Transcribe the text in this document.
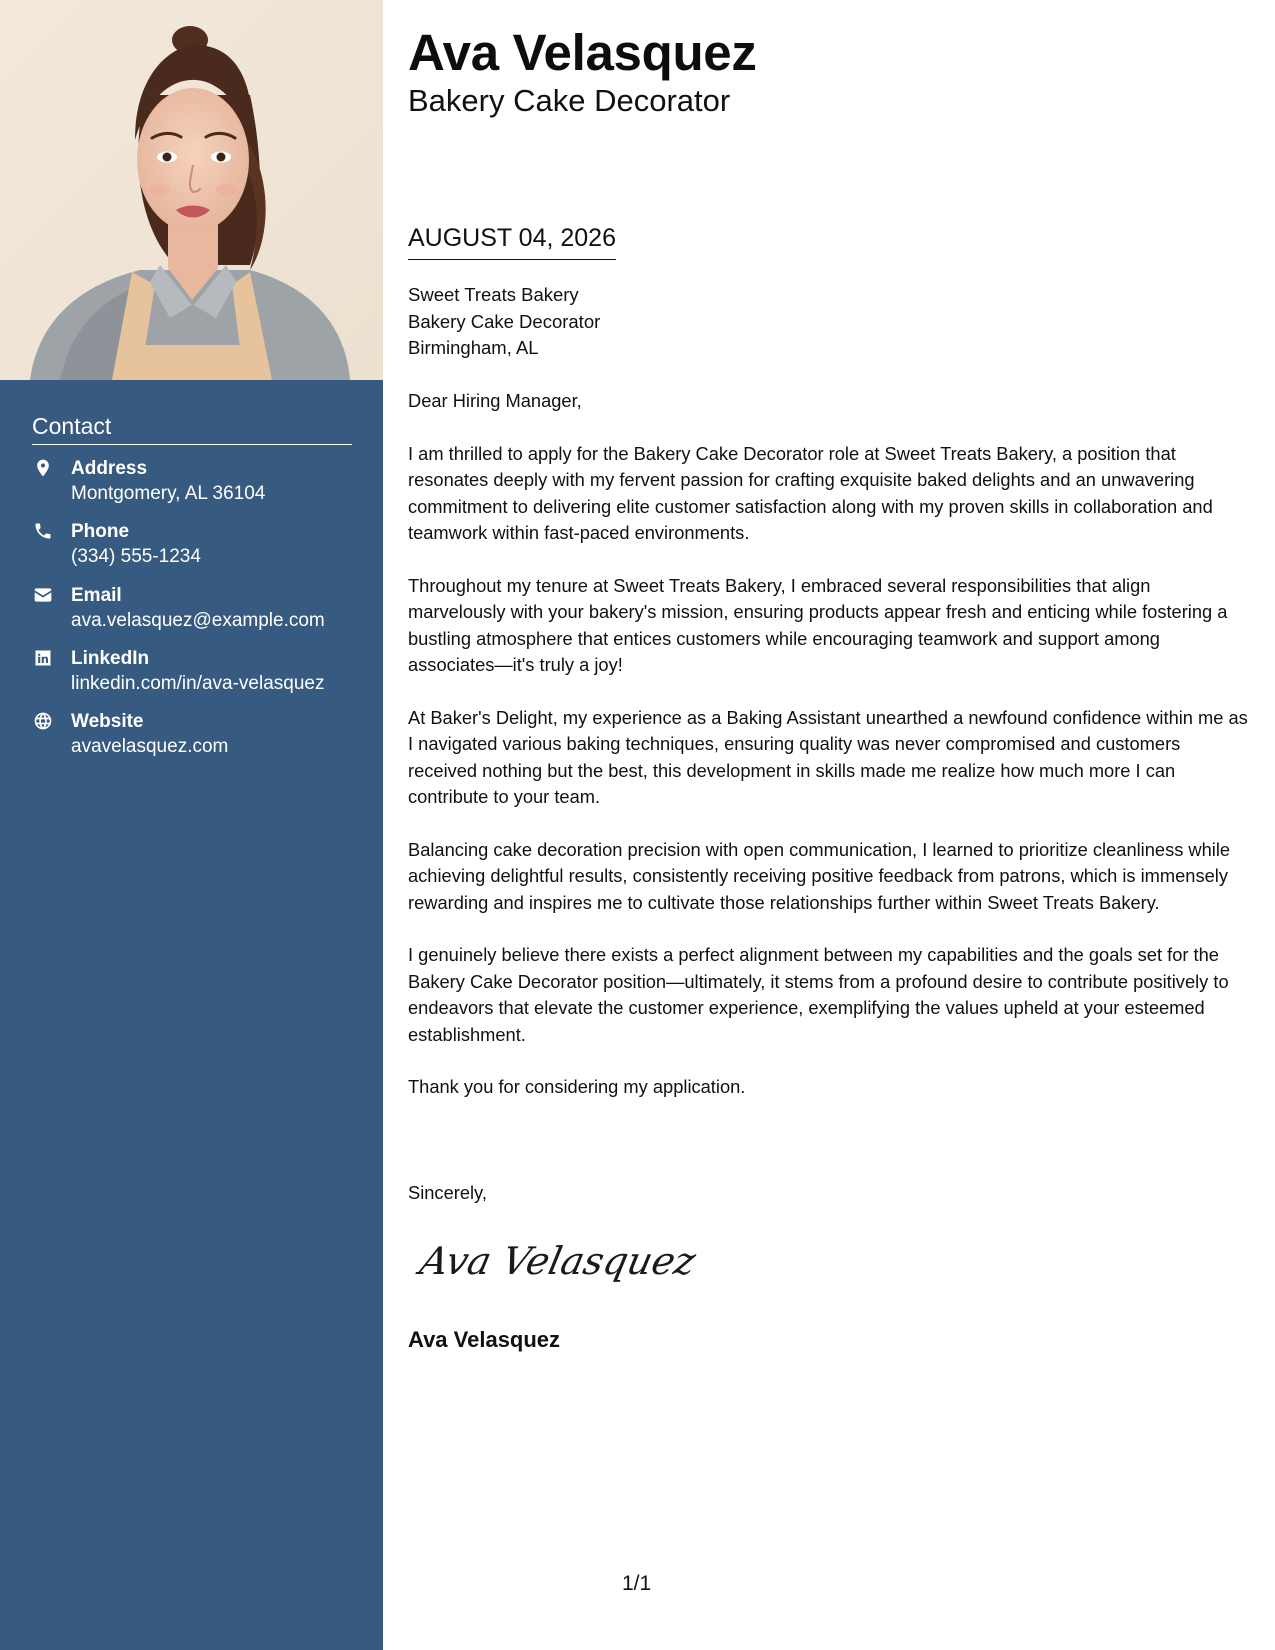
Contact
Address
Montgomery, AL 36104
Phone
(334) 555-1234
Email
ava.velasquez@example.com
LinkedIn
linkedin.com/in/ava-velasquez
Website
avavelasquez.com
Ava Velasquez
Bakery Cake Decorator
AUGUST 04, 2026
Sweet Treats Bakery
Bakery Cake Decorator
Birmingham, AL

Dear Hiring Manager,

I am thrilled to apply for the Bakery Cake Decorator role at Sweet Treats Bakery, a position that resonates deeply with my fervent passion for crafting exquisite baked delights and an unwavering commitment to delivering elite customer satisfaction along with my proven skills in collaboration and teamwork within fast-paced environments.

Throughout my tenure at Sweet Treats Bakery, I embraced several responsibilities that align marvelously with your bakery's mission, ensuring products appear fresh and enticing while fostering a bustling atmosphere that entices customers while encouraging teamwork and support among associates—it's truly a joy!

At Baker's Delight, my experience as a Baking Assistant unearthed a newfound confidence within me as I navigated various baking techniques, ensuring quality was never compromised and customers received nothing but the best, this development in skills made me realize how much more I can contribute to your team.

Balancing cake decoration precision with open communication, I learned to prioritize cleanliness while achieving delightful results, consistently receiving positive feedback from patrons, which is immensely rewarding and inspires me to cultivate those relationships further within Sweet Treats Bakery.

I genuinely believe there exists a perfect alignment between my capabilities and the goals set for the Bakery Cake Decorator position—ultimately, it stems from a profound desire to contribute positively to endeavors that elevate the customer experience, exemplifying the values upheld at your esteemed establishment.

Thank you for considering my application.

Sincerely,
Ava Velasquez
Ava Velasquez
1/1
